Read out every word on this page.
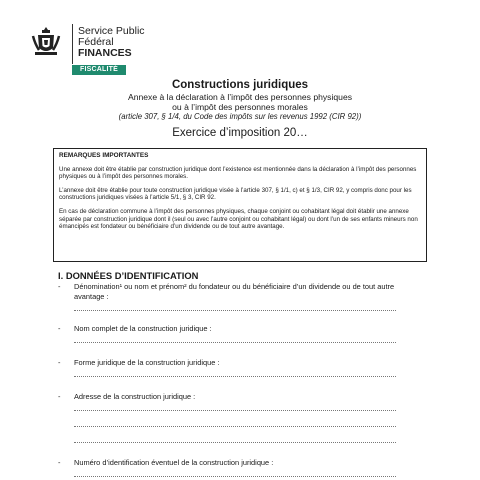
Service Public
Fédéral
FINANCES
FISCALITÉ
Constructions juridiques
Annexe à la déclaration à l’impôt des personnes physiques
ou à l’impôt des personnes morales
(article 307, § 1/4, du Code des impôts sur les revenus 1992 (CIR 92))
Exercice d’imposition 20…
REMARQUES IMPORTANTES

Une annexe doit être établie par construction juridique dont l’existence est mentionnée dans la déclaration à l’impôt des personnes physiques ou à l’impôt des personnes morales.

L’annexe doit être établie pour toute construction juridique visée à l’article 307, § 1/1, c) et § 1/3, CIR 92, y compris donc pour les constructions juridiques visées à l’article 5/1, § 3, CIR 92.

En cas de déclaration commune à l’impôt des personnes physiques, chaque conjoint ou cohabitant légal doit établir une annexe séparée par construction juridique dont il (seul ou avec l’autre conjoint ou cohabitant légal) ou dont l’un de ses enfants mineurs non émancipés est fondateur ou bénéficiaire d’un dividende ou de tout autre avantage.

I. DONNÉES D’IDENTIFICATION
- Dénomination¹ ou nom et prénom² du fondateur ou du bénéficiaire d’un dividende ou de tout autre avantage :
- Nom complet de la construction juridique :
- Forme juridique de la construction juridique :
- Adresse de la construction juridique :
- Numéro d’identification éventuel de la construction juridique :
